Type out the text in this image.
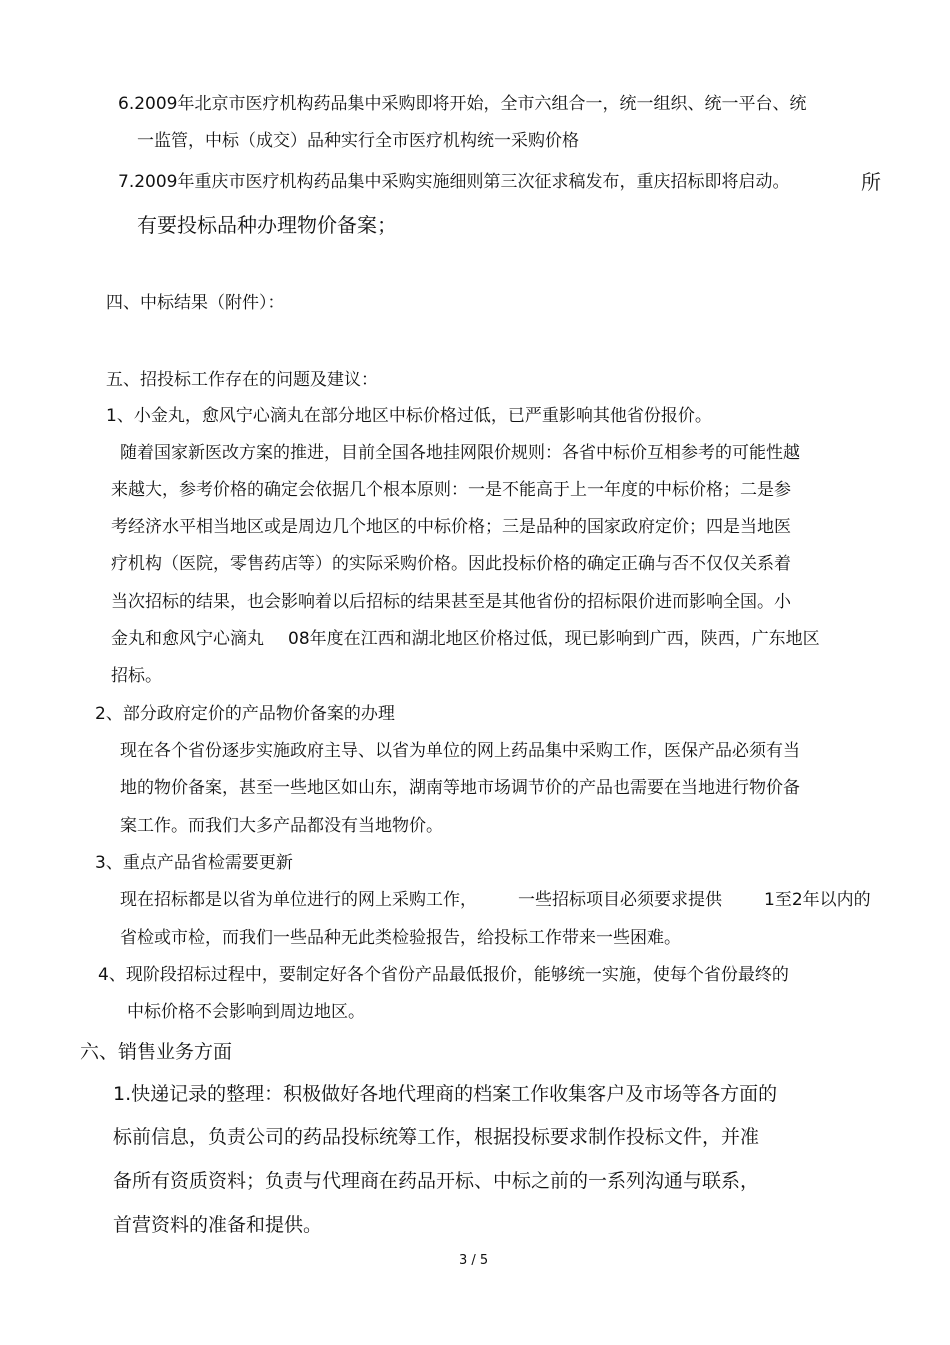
6.2009年北京市医疗机构药品集中采购即将开始，全市六组合一，统一组织、统一平台、统
一监管，中标（成交）品种实行全市医疗机构统一采购价格
7.2009年重庆市医疗机构药品集中采购实施细则第三次征求稿发布，重庆招标即将启动。	所
有要投标品种办理物价备案；
四、中标结果（附件）：
五、招投标工作存在的问题及建议：
1、小金丸，愈风宁心滴丸在部分地区中标价格过低，已严重影响其他省份报价。
随着国家新医改方案的推进，目前全国各地挂网限价规则：各省中标价互相参考的可能性越
来越大，参考价格的确定会依据几个根本原则：一是不能高于上一年度的中标价格；二是参
考经济水平相当地区或是周边几个地区的中标价格；三是品种的国家政府定价；四是当地医
疗机构（医院，零售药店等）的实际采购价格。因此投标价格的确定正确与否不仅仅关系着
当次招标的结果，也会影响着以后招标的结果甚至是其他省份的招标限价进而影响全国。小
金丸和愈风宁心滴丸 08年度在江西和湖北地区价格过低，现已影响到广西，陕西，广东地区
招标。
2、部分政府定价的产品物价备案的办理
现在各个省份逐步实施政府主导、以省为单位的网上药品集中采购工作，医保产品必须有当
地的物价备案，甚至一些地区如山东，湖南等地市场调节价的产品也需要在当地进行物价备
案工作。而我们大多产品都没有当地物价。
3、重点产品省检需要更新
现在招标都是以省为单位进行的网上采购工作， 一些招标项目必须要求提供 1至2年以内的
省检或市检，而我们一些品种无此类检验报告，给投标工作带来一些困难。
4、现阶段招标过程中，要制定好各个省份产品最低报价，能够统一实施，使每个省份最终的
中标价格不会影响到周边地区。
六、销售业务方面
1.快递记录的整理：积极做好各地代理商的档案工作收集客户及市场等各方面的
标前信息，负责公司的药品投标统筹工作，根据投标要求制作投标文件，并准
备所有资质资料；负责与代理商在药品开标、中标之前的一系列沟通与联系，
首营资料的准备和提供。
3 / 5
